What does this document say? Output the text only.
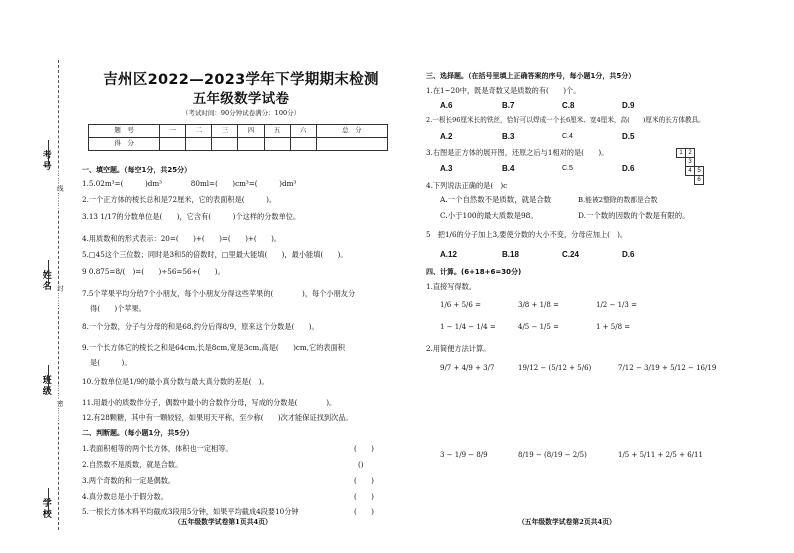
考号
姓名
班级
学校
……线……
封……
……密……
吉州区2022—2023学年下学期期末检测
五年级数学试卷
（考试时间：90分钟试卷满分：100分）
题　号	一	二	三	四	五	六	总　分
得　分							
一、填空题。（每空1分，共25分）
1.5.02m³=(　　　)dm³　　　　80ml=(　　)cm³=(　　　)dm³
2.一个正方体的棱长总和是72厘米，它的表面积是(　　　)。
3.13 1/17的分数单位是(　　)，它含有(　　　)个这样的分数单位。
4.用质数和的形式表示：20=(　　)+(　　)=(　　)+(　　)。
5.□45这个三位数；同时是3和5的倍数时，□里最大能填(　　)，最小能填(　　)。
9 0.875=8/(　)=(　　)÷56=56÷(　　)。
7.5个苹果平均分给7个小朋友，每个小朋友分得这些苹果的(　　　　)，每个小朋友分
得(　　)个苹果。
8.一个分数，分子与分母的和是68,约分后得8/9，原来这个分数是(　　)。
9.一个长方体它的棱长之和是64cm,长是8cm,宽是3cm,高是(　　)cm,它的表面积
是(　　　)。
10.分数单位是1/9的最小真分数与最大真分数的差是(　)。
11.用最小的质数作分子，偶数中最小的合数作分母，写成的分数是(　　　　)。
12.有28颗糖，其中有一颗较轻，如果用天平称，至少称(　　)次才能保证找到次品。
二、判断题。（每小题1分，共5分）
1.表面积相等的两个长方体，体积也一定相等。	(　　)
2.自然数不是质数，就是合数。	()
3.两个奇数的和一定是偶数。	(　　)
4.真分数总是小于假分数。	(　　)
5.一根长方体木料平均截成3段用5分钟，如果平均截成4段要10分钟	(　　)
（五年级数学试卷第1页共4页）
三、选择题。（在括号里填上正确答案的序号，每小题1分，共5分）
1.在1~20中，既是奇数又是质数的有(　　)个。
A.6	B.7	C.8	D.9
2.一根长96厘米长的铁丝，恰好可以焊成一个长6厘米、宽4厘米，高(　　)厘米的长方体教具。
A.2	B.3	C.4	D.5
3.右图是正方体的展开图，还原之后与1相对的是(　　)。
A.3	B.4	C.5	D.6
4.下列说法正确的是(　)c
A.一个自然数不是质数，就是合数	B.能被2整除的数都是合数
C.小于100的最大质数是98。	D.一个数的因数的个数是有限的。
5　把1/6的分子加上3,要使分数的大小不变，分母应加上(　)。
A.12	B.18	C.24	D.6
四、计算。(6+18+6=30分)
1.直接写得数。
1/6 + 5/6 =	3/8 + 1/8 =	1/2 − 1/3 =
1 − 1/4 − 1/4 =	4/5 − 1/5 =	1 + 5/8 =
2.用简便方法计算。
9/7 + 4/9 + 3/7	19/12 − (5/12 + 5/6)	7/12 − 3/19 + 5/12 − 16/19
3 − 1/9 − 8/9	8/19 − (8/19 − 2/5)	1/5 + 5/11 + 2/5 + 6/11
（五年级数学试卷第2页共4页）
1 2
3
4 5
6
